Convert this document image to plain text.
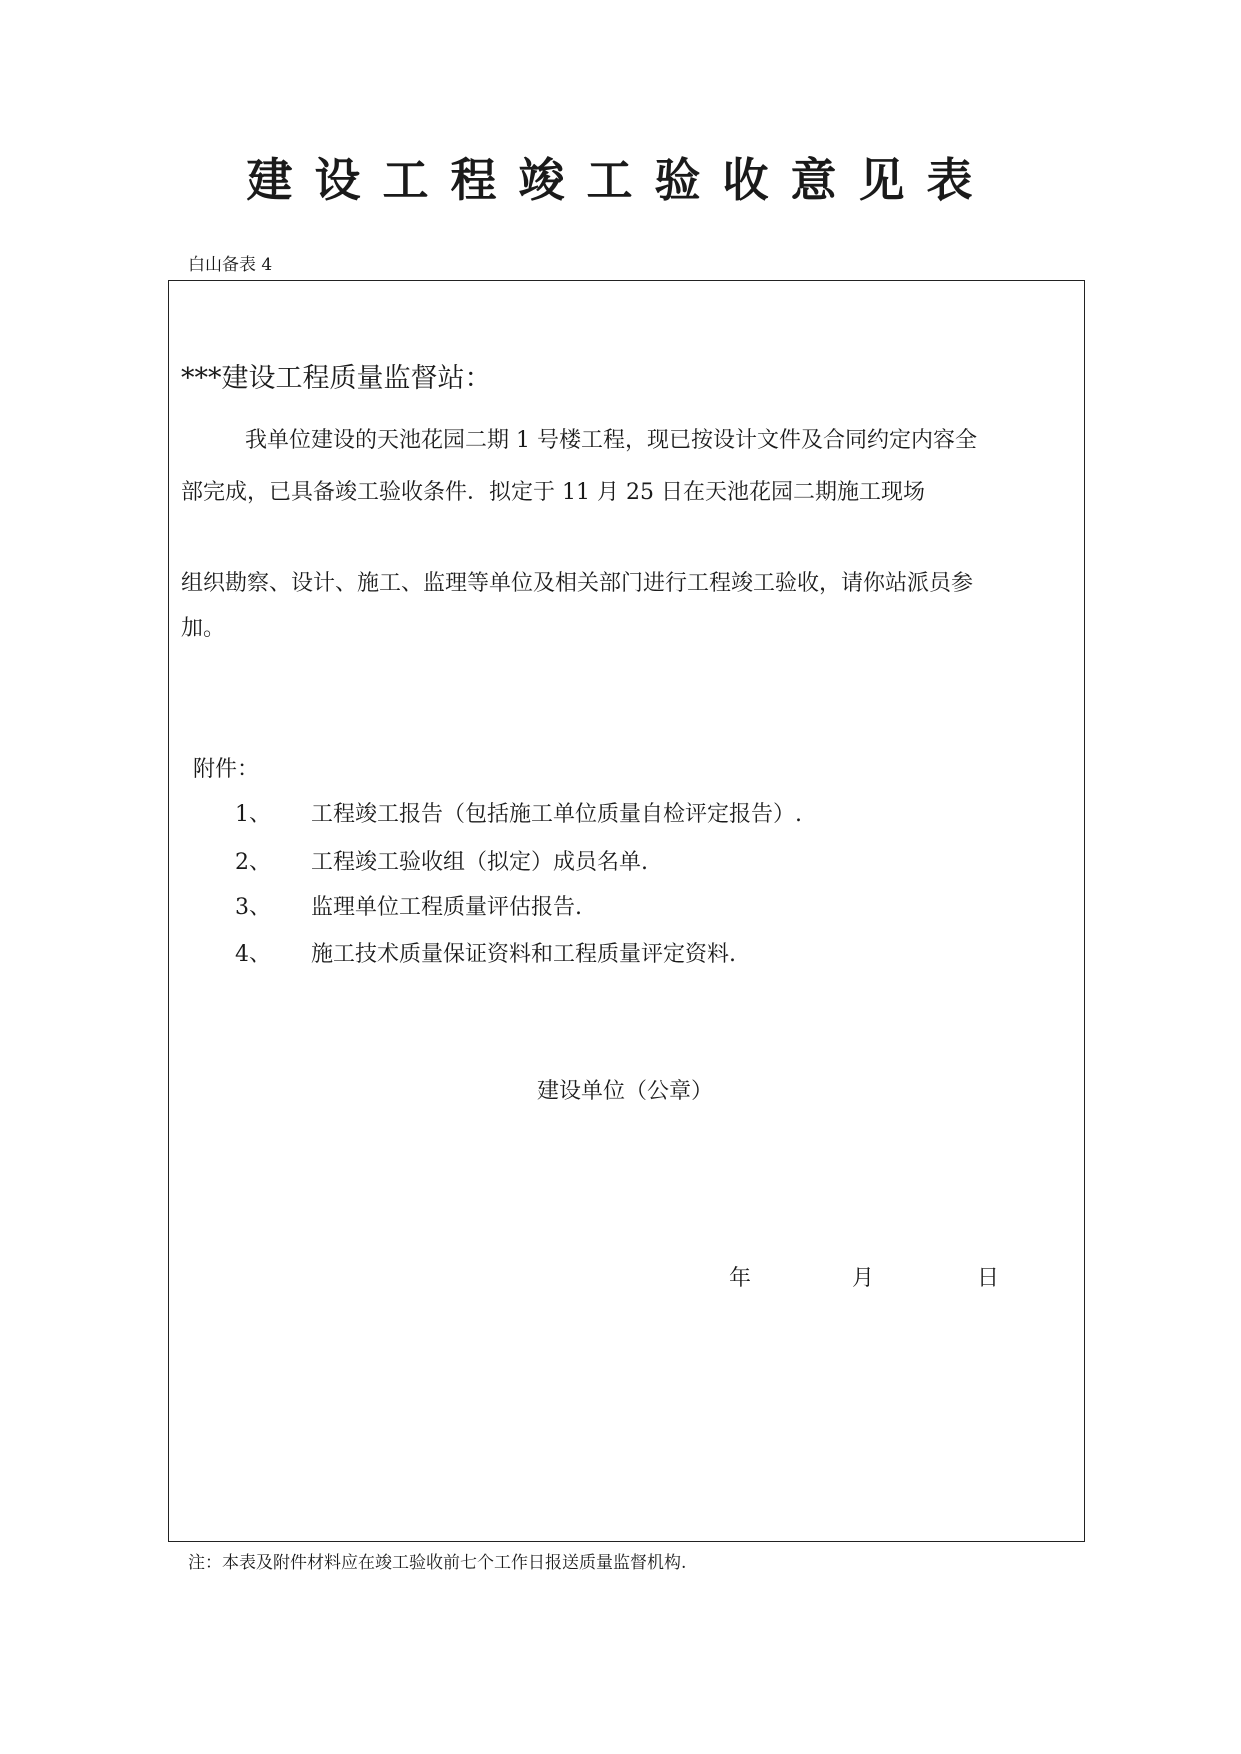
建设工程竣工验收意见表
白山备表 4
***建设工程质量监督站：
我单位建设的天池花园二期 1 号楼工程，现已按设计文件及合同约定内容全
部完成，已具备竣工验收条件．拟定于 11 月 25 日在天池花园二期施工现场
组织勘察、设计、施工、监理等单位及相关部门进行工程竣工验收，请你站派员参
加。
附件：
1、 工程竣工报告（包括施工单位质量自检评定报告）.
2、 工程竣工验收组（拟定）成员名单.
3、 监理单位工程质量评估报告.
4、 施工技术质量保证资料和工程质量评定资料.
建设单位（公章）
年	月	日
注：本表及附件材料应在竣工验收前七个工作日报送质量监督机构.
